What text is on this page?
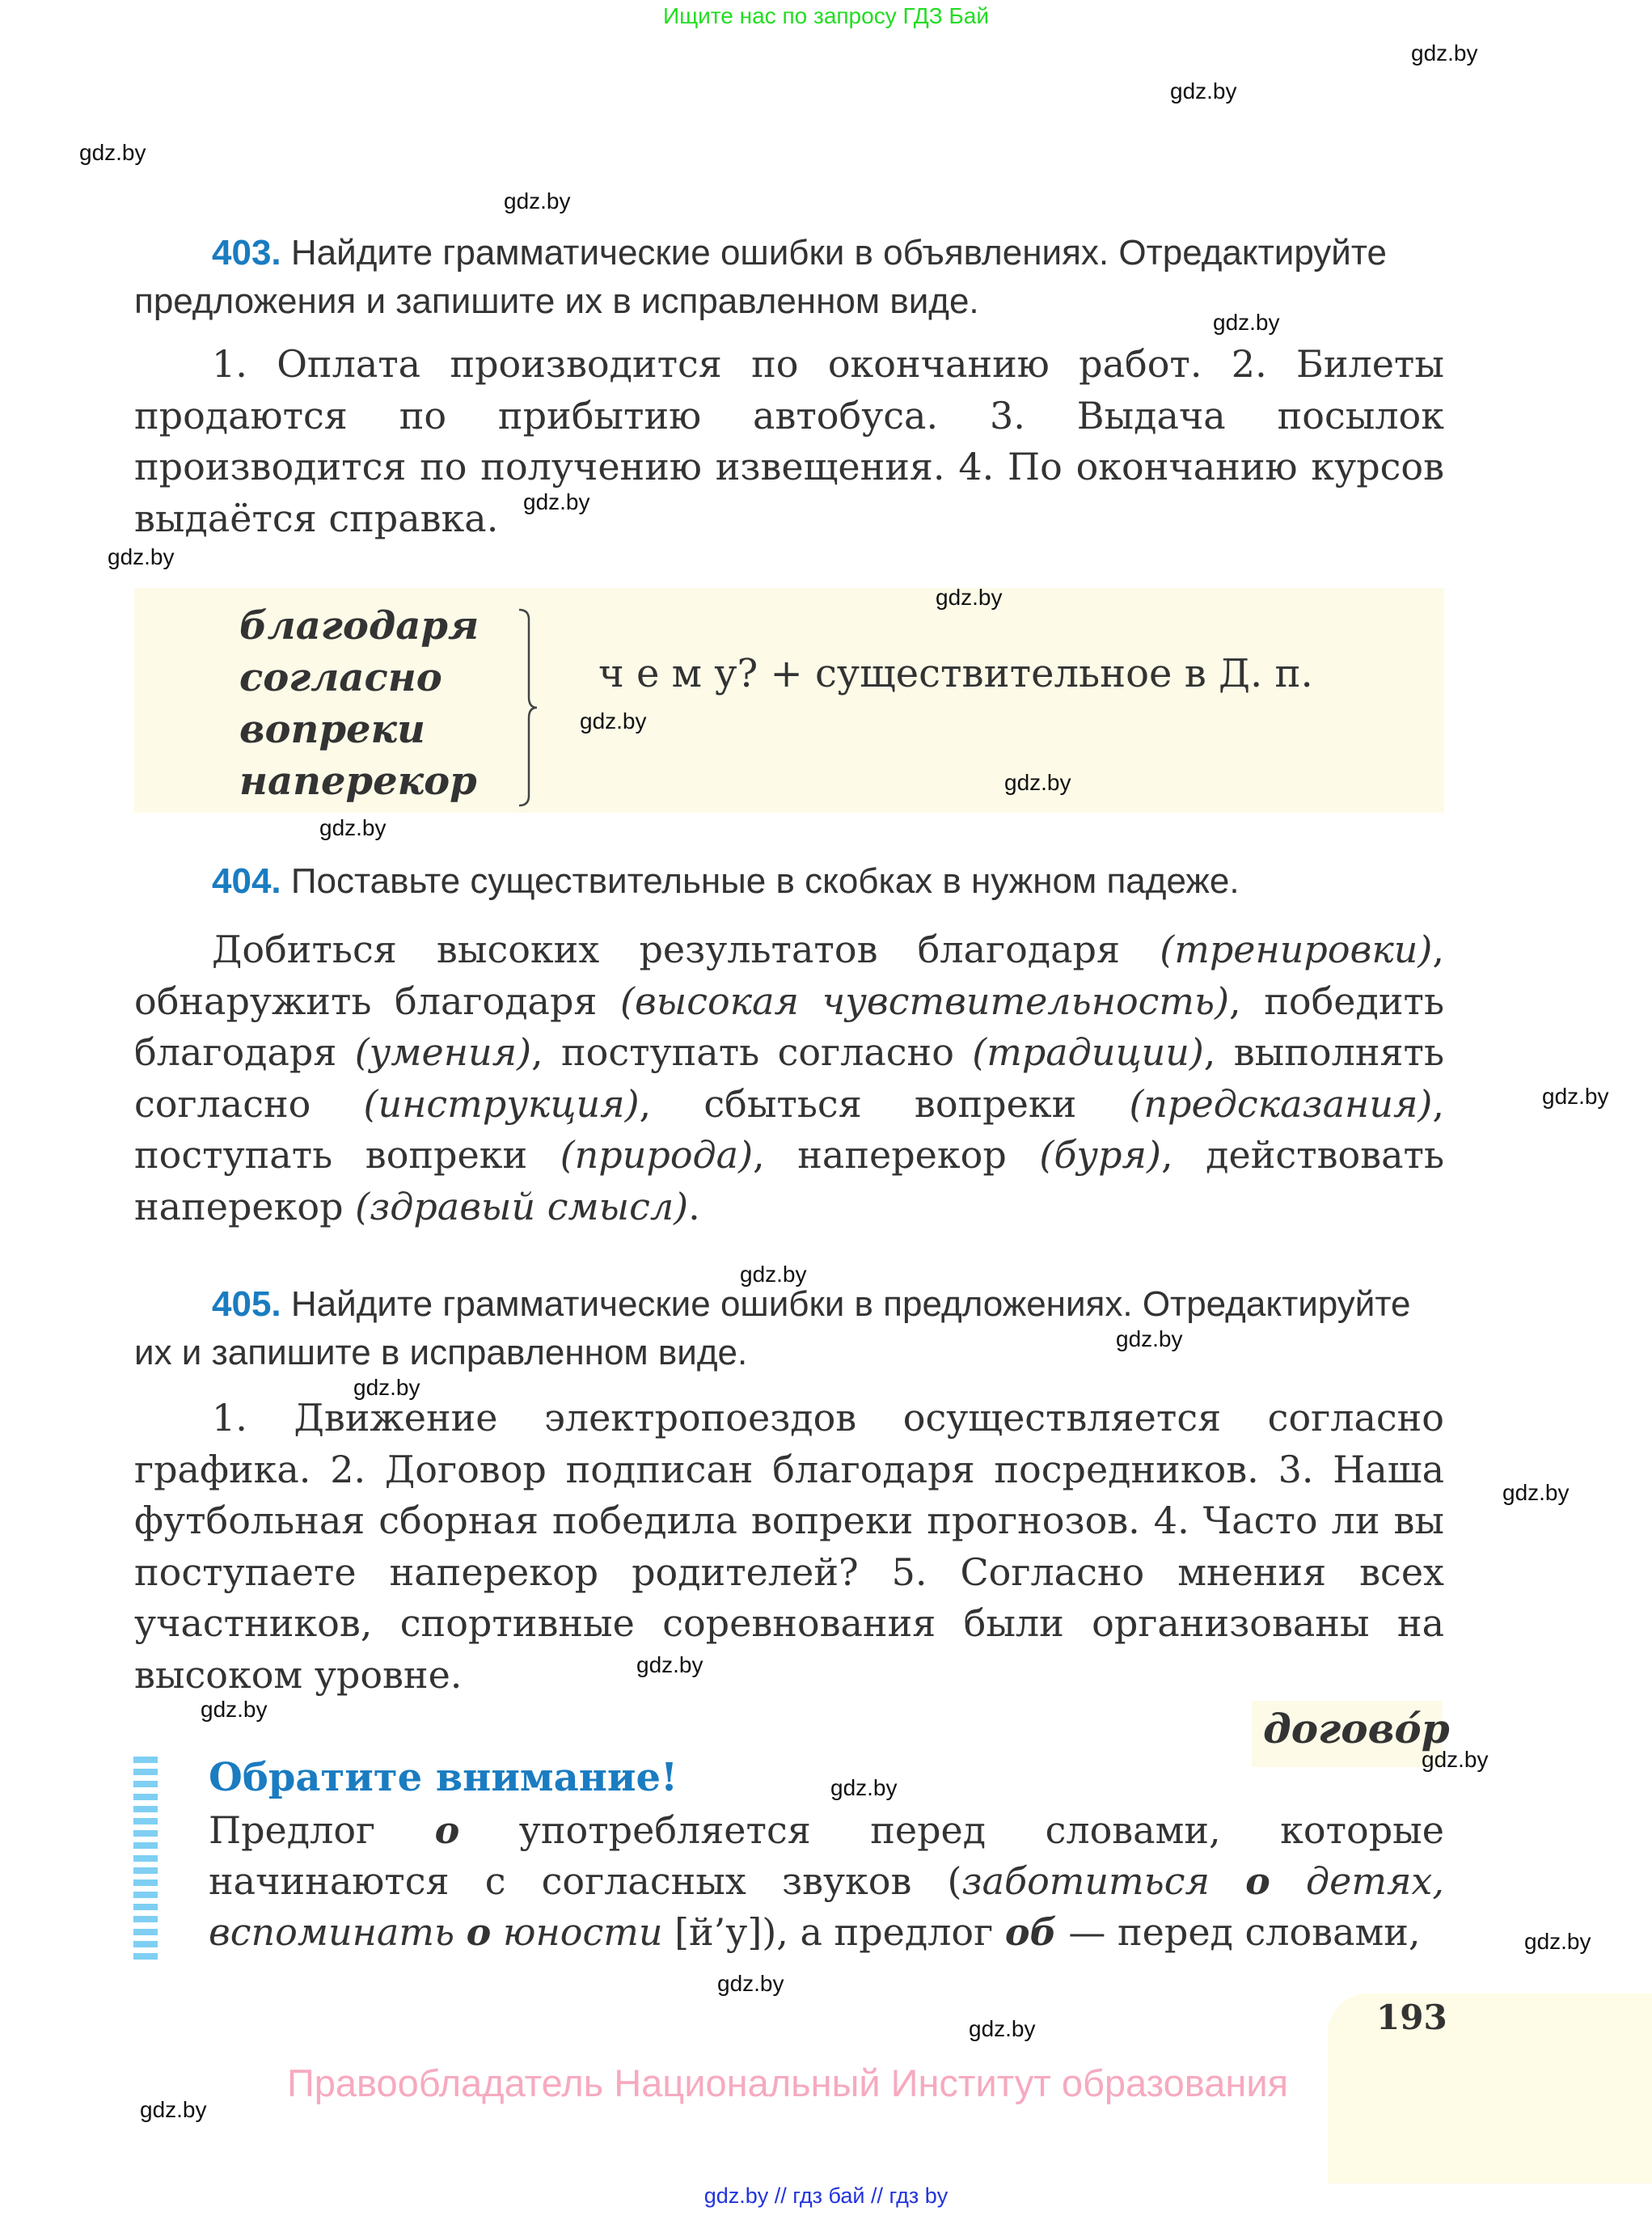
Ищите нас по запросу ГДЗ Бай
gdz.by
gdz.by
gdz.by
gdz.by
gdz.by
gdz.by
gdz.by
403. Найдите грамматические ошибки в объявлениях. Отредактируйте предложения и запишите их в исправленном виде.
1. Оплата производится по окончанию работ. 2. Билеты продаются по прибытию автобуса. 3. Выдача посылок производится по получению извещения. 4. По окончанию курсов выдаётся справка.
благодаря
согласно
вопреки
наперекор
ч е м у? + существительное в Д. п.
gdz.by
gdz.by
gdz.by
gdz.by
404. Поставьте существительные в скобках в нужном падеже.
Добиться высоких результатов благодаря (тренировки), обнаружить благодаря (высокая чувствительность), победить благодаря (умения), поступать согласно (традиции), выполнять согласно (инструкция), сбыться вопреки (предсказания), поступать вопреки (природа), наперекор (буря), действовать наперекор (здравый смысл).
gdz.by
gdz.by
405. Найдите грамматические ошибки в предложениях. Отредактируйте их и запишите в исправленном виде.	gdz.by
gdz.by
1. Движение электропоездов осуществляется согласно графика. 2. Договор подписан благодаря посредников. 3. Наша футбольная сборная победила вопреки прогнозов. 4. Часто ли вы поступаете наперекор родителей? 5. Согласно мнения всех участников, спортивные соревнования были организованы на высоком уровне.
gdz.by
gdz.by
gdz.by	догово́р
gdz.by
Обратите внимание!	gdz.by
Предлог о употребляется перед словами, которые начинаются с согласных звуков (заботиться о детях, вспоминать о юности [й’у]), а предлог об — перед словами,	gdz.by
gdz.by
193
gdz.by
Правообладатель Национальный Институт образования
gdz.by
gdz.by // гдз бай // гдз by
